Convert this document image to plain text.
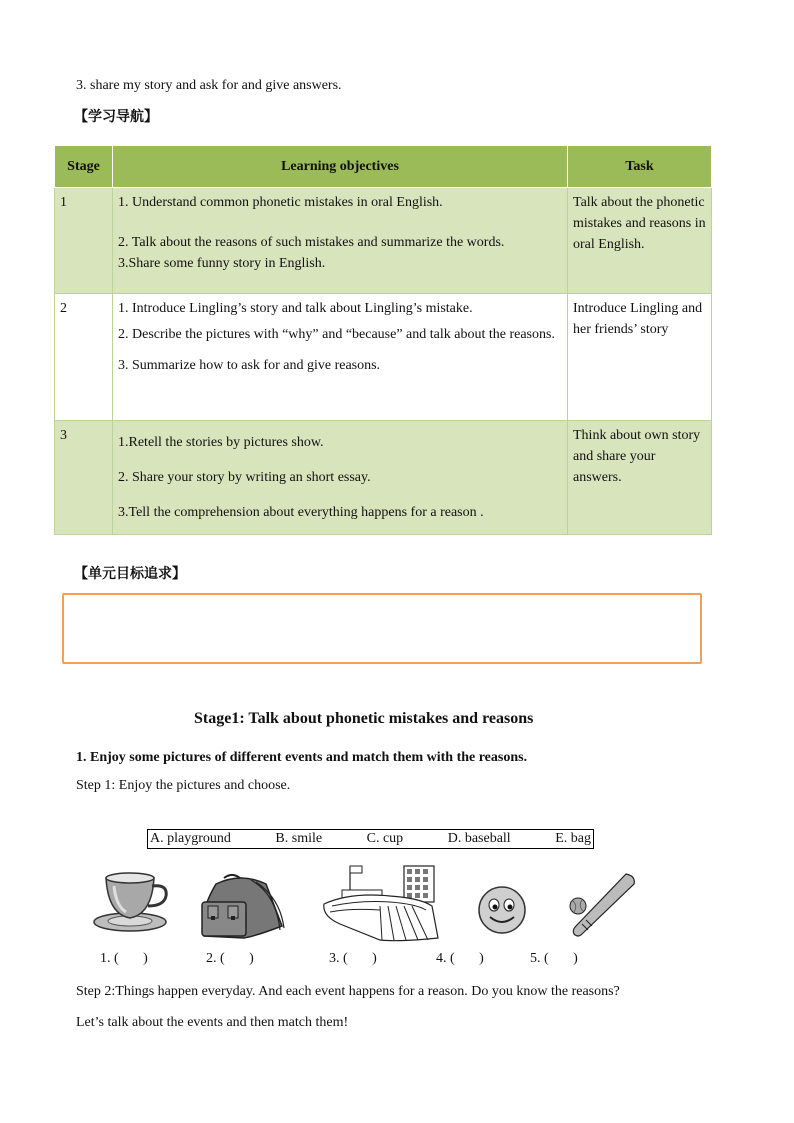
3. share my story and ask for and give answers.
【学习导航】
Stage	Learning objectives	Task
1	1. Understand common phonetic mistakes in oral English.

2. Talk about the reasons of such mistakes and summarize the words.

3.Share some funny story in English.	Talk about the phonetic mistakes and reasons in oral English.
2	1. Introduce Lingling’s story and talk about Lingling’s mistake.

2. Describe the pictures with “why” and “because” and talk about the reasons.

3. Summarize how to ask for and give reasons.	Introduce Lingling and her friends’ story
3	1.Retell the stories by pictures show.

2. Share your story by writing an short essay.

3.Tell the comprehension about everything happens for a reason .	Think about own story and share your answers.
【单元目标追求】
Stage1: Talk about phonetic mistakes and reasons
1. Enjoy some pictures of different events and match them with the reasons.
Step 1: Enjoy the pictures and choose.
A. playground	B. smile	C. cup	D. baseball	E. bag
1. (       )	2. (       )	3. (       )	4. (       )	5. (       )
Step 2:Things happen everyday. And each event happens for a reason. Do you know the reasons?
Let’s talk about the events and then match them!
